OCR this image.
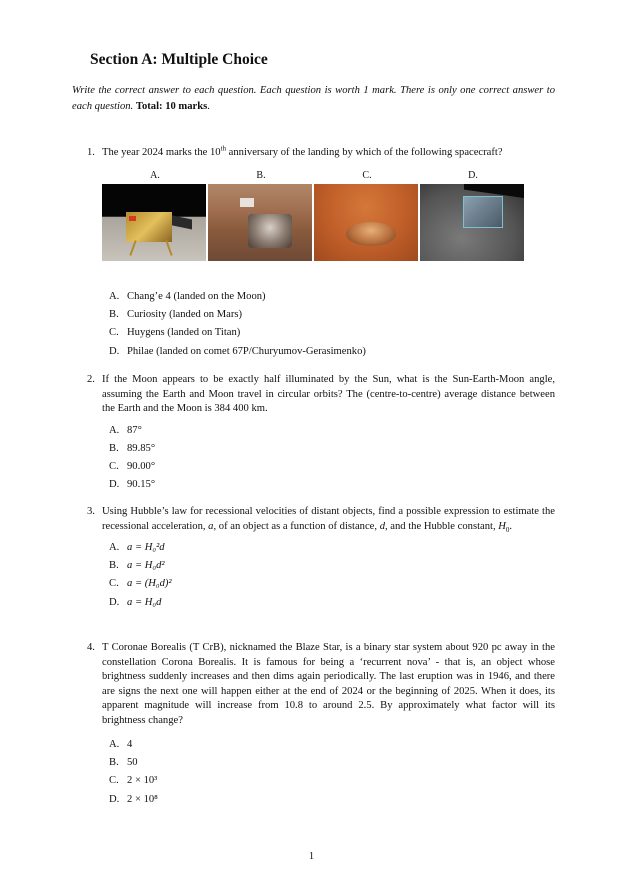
Section A: Multiple Choice
Write the correct answer to each question. Each question is worth 1 mark. There is only one correct answer to each question. Total: 10 marks.
1. The year 2024 marks the 10th anniversary of the landing by which of the following spacecraft?
A.	B.	C.	D.
A. Chang’e 4 (landed on the Moon)
B. Curiosity (landed on Mars)
C. Huygens (landed on Titan)
D. Philae (landed on comet 67P/Churyumov-Gerasimenko)
2. If the Moon appears to be exactly half illuminated by the Sun, what is the Sun-Earth-Moon angle, assuming the Earth and Moon travel in circular orbits? The (centre-to-centre) average distance between the Earth and the Moon is 384 400 km.
A. 87°
B. 89.85°
C. 90.00°
D. 90.15°
3. Using Hubble’s law for recessional velocities of distant objects, find a possible expression to estimate the recessional acceleration, a, of an object as a function of distance, d, and the Hubble constant, $H_0$.
A. a = H₀²d
B. a = H₀d²
C. a = (H₀d)²
D. a = H₀d
4. T Coronae Borealis (T CrB), nicknamed the Blaze Star, is a binary star system about 920 pc away in the constellation Corona Borealis. It is famous for being a ‘recurrent nova’ - that is, an object whose brightness suddenly increases and then dims again periodically. The last eruption was in 1946, and there are signs the next one will happen either at the end of 2024 or the beginning of 2025. When it does, its apparent magnitude will increase from 10.8 to around 2.5. By approximately what factor will its brightness change?
A. 4
B. 50
C. 2 × 10³
D. 2 × 10⁸
1
